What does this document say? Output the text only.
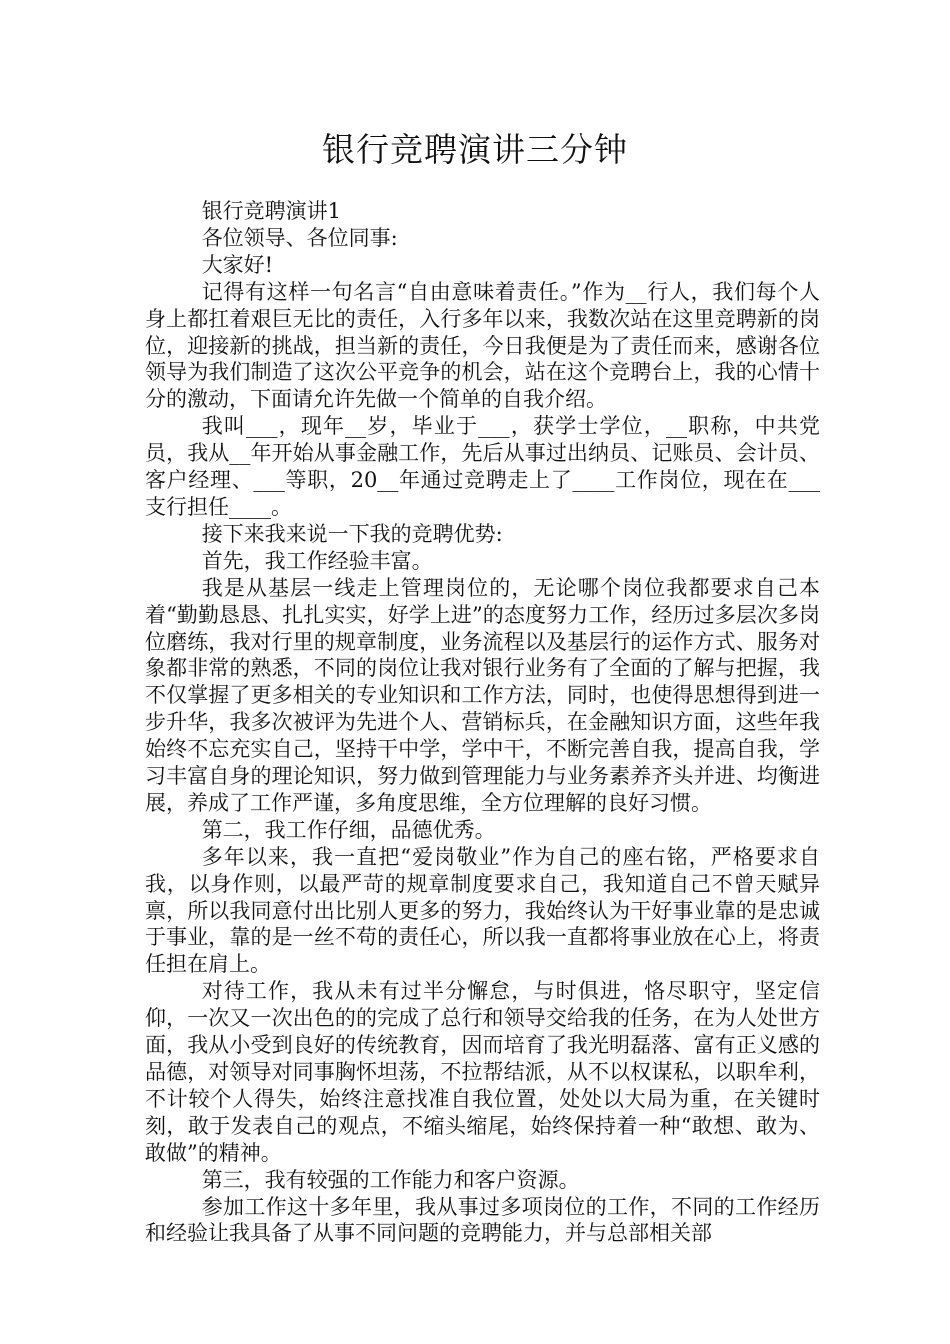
银行竞聘演讲三分钟

银行竞聘演讲1

各位领导、各位同事:

大家好!

记得有这样一句名言“自由意味着责任。”作为__行人，我们每个人身上都扛着艰巨无比的责任，入行多年以来，我数次站在这里竞聘新的岗位，迎接新的挑战，担当新的责任，今日我便是为了责任而来，感谢各位领导为我们制造了这次公平竞争的机会，站在这个竞聘台上，我的心情十分的激动，下面请允许先做一个简单的自我介绍。

我叫___，现年__岁，毕业于___，获学士学位，__职称，中共党员，我从__年开始从事金融工作，先后从事过出纳员、记账员、会计员、客户经理、___等职，20__年通过竞聘走上了____工作岗位，现在在___支行担任____。

接下来我来说一下我的竞聘优势:

首先，我工作经验丰富。

我是从基层一线走上管理岗位的，无论哪个岗位我都要求自己本着“勤勤恳恳、扎扎实实，好学上进”的态度努力工作，经历过多层次多岗位磨练，我对行里的规章制度，业务流程以及基层行的运作方式、服务对象都非常的熟悉，不同的岗位让我对银行业务有了全面的了解与把握，我不仅掌握了更多相关的专业知识和工作方法，同时，也使得思想得到进一步升华，我多次被评为先进个人、营销标兵，在金融知识方面，这些年我始终不忘充实自己，坚持干中学，学中干，不断完善自我，提高自我，学习丰富自身的理论知识，努力做到管理能力与业务素养齐头并进、均衡进展，养成了工作严谨，多角度思维，全方位理解的良好习惯。

第二，我工作仔细，品德优秀。

多年以来，我一直把“爱岗敬业”作为自己的座右铭，严格要求自我，以身作则，以最严苛的规章制度要求自己，我知道自己不曾天赋异禀，所以我同意付出比别人更多的努力，我始终认为干好事业靠的是忠诚于事业，靠的是一丝不苟的责任心，所以我一直都将事业放在心上，将责任担在肩上。

对待工作，我从未有过半分懈怠，与时俱进，恪尽职守，坚定信仰，一次又一次出色的的完成了总行和领导交给我的任务，在为人处世方面，我从小受到良好的传统教育，因而培育了我光明磊落、富有正义感的品德，对领导对同事胸怀坦荡，不拉帮结派，从不以权谋私，以职牟利，不计较个人得失，始终注意找准自我位置，处处以大局为重，在关键时刻，敢于发表自己的观点，不缩头缩尾，始终保持着一种“敢想、敢为、敢做”的精神。

第三，我有较强的工作能力和客户资源。

参加工作这十多年里，我从事过多项岗位的工作，不同的工作经历和经验让我具备了从事不同问题的竞聘能力，并与总部相关部
